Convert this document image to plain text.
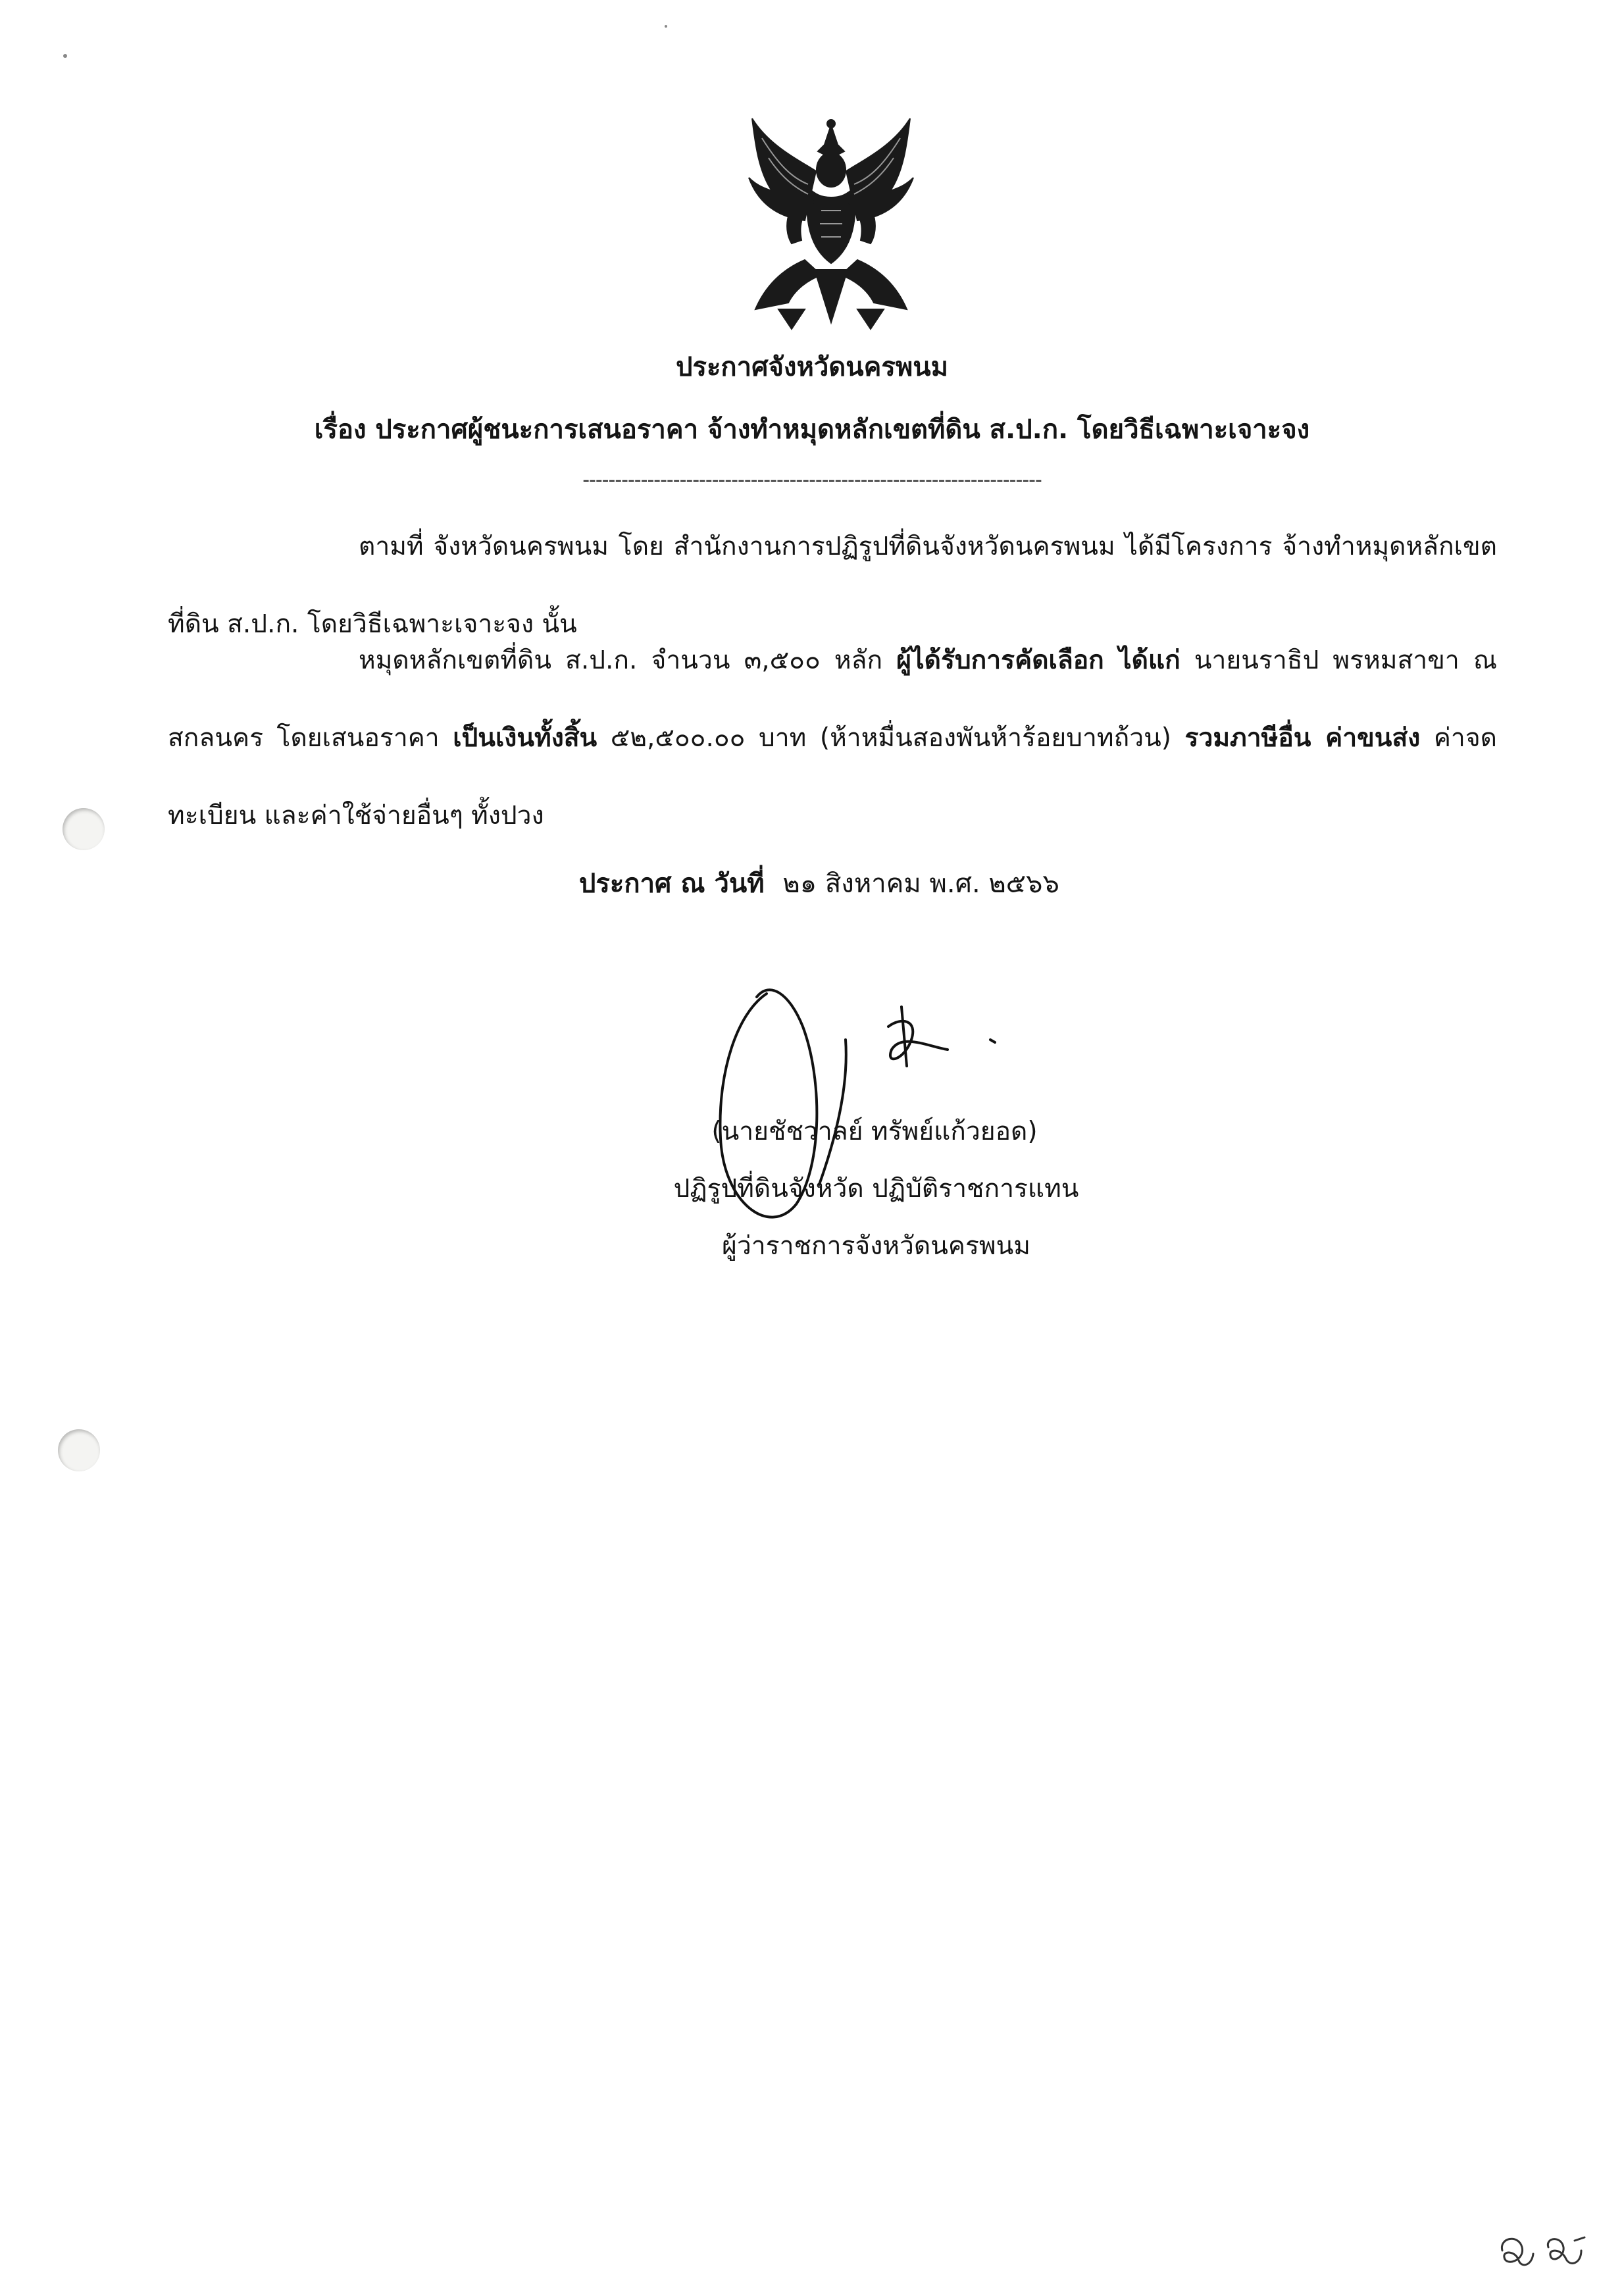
ประกาศจังหวัดนครพนม
เรื่อง ประกาศผู้ชนะการเสนอราคา จ้างทำหมุดหลักเขตที่ดิน ส.ป.ก. โดยวิธีเฉพาะเจาะจง
-----------------------------------------------------------------------
ตามที่ จังหวัดนครพนม โดย สำนักงานการปฏิรูปที่ดินจังหวัดนครพนม ได้มีโครงการ จ้างทำหมุดหลักเขตที่ดิน ส.ป.ก. โดยวิธีเฉพาะเจาะจง นั้น
หมุดหลักเขตที่ดิน ส.ป.ก. จำนวน ๓,๕๐๐ หลัก ผู้ได้รับการคัดเลือก ได้แก่ นายนราธิป พรหมสาขา ณ สกลนคร โดยเสนอราคา เป็นเงินทั้งสิ้น ๕๒,๕๐๐.๐๐ บาท (ห้าหมื่นสองพันห้าร้อยบาทถ้วน) รวมภาษีอื่น ค่าขนส่ง ค่าจดทะเบียน และค่าใช้จ่ายอื่นๆ ทั้งปวง
ประกาศ ณ วันที่ ๒๑ สิงหาคม พ.ศ. ๒๕๖๖
(นายชัชวาลย์ ทรัพย์แก้วยอด)
ปฏิรูปที่ดินจังหวัด ปฏิบัติราชการแทน
ผู้ว่าราชการจังหวัดนครพนม
